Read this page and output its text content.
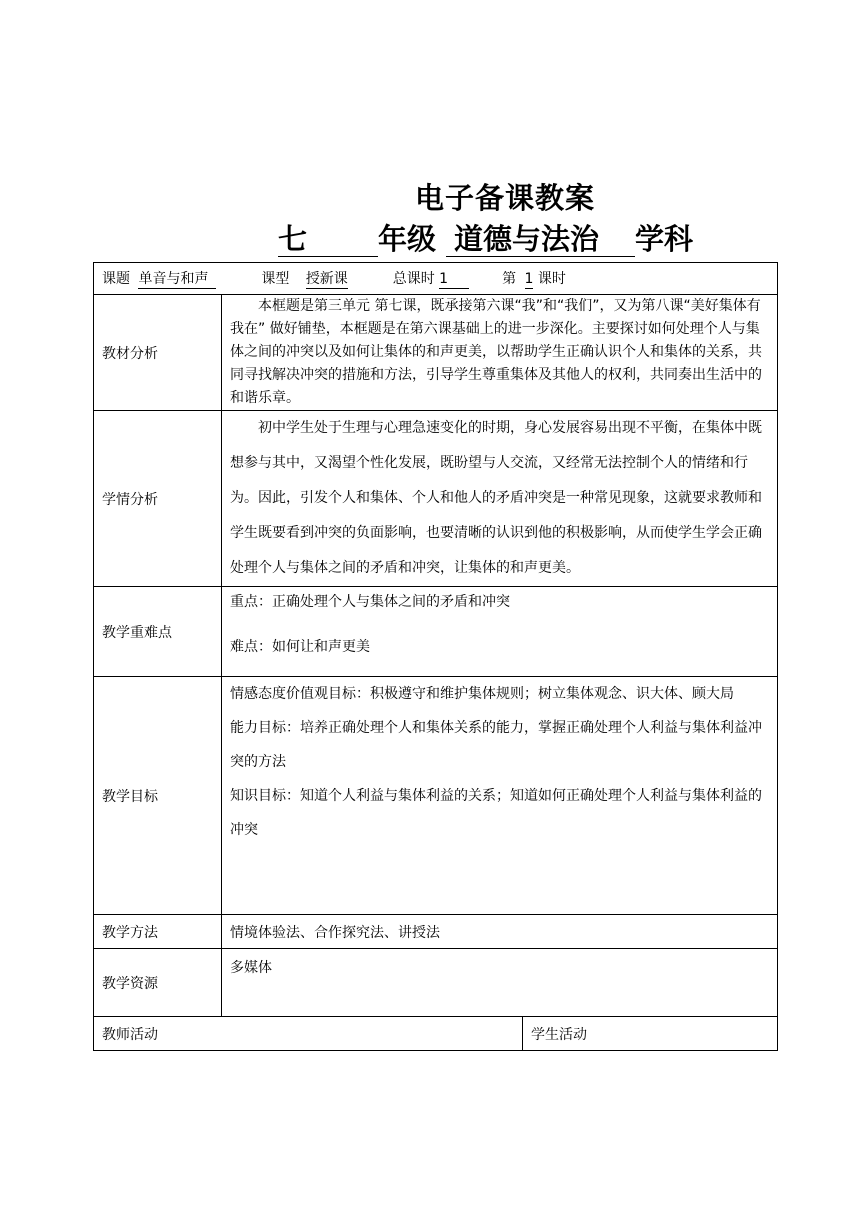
电子备课教案
七 年级 道德与法治 学科
课题 单音与和声 课型 授新课 总课时 1 第 1 课时		
教材分析	本框题是第三单元 第七课，既承接第六课“我”和“我们”，又为第八课“美好集体有我在” 做好铺垫，本框题是在第六课基础上的进一步深化。主要探讨如何处理个人与集体之间的冲突以及如何让集体的和声更美，以帮助学生正确认识个人和集体的关系，共同寻找解决冲突的措施和方法，引导学生尊重集体及其他人的权利，共同奏出生活中的和谐乐章。	
学情分析	初中学生处于生理与心理急速变化的时期，身心发展容易出现不平衡，在集体中既想参与其中，又渴望个性化发展，既盼望与人交流，又经常无法控制个人的情绪和行为。因此，引发个人和集体、个人和他人的矛盾冲突是一种常见现象，这就要求教师和学生既要看到冲突的负面影响，也要清晰的认识到他的积极影响，从而使学生学会正确处理个人与集体之间的矛盾和冲突，让集体的和声更美。	
教学重难点	重点：正确处理个人与集体之间的矛盾和冲突
难点：如何让和声更美	

教学目标	情感态度价值观目标：积极遵守和维护集体规则；树立集体观念、识大体、顾大局
能力目标：培养正确处理个人和集体关系的能力，掌握正确处理个人利益与集体利益冲突的方法
知识目标：知道个人利益与集体利益的关系；知道如何正确处理个人利益与集体利益的冲突	

教学方法	情境体验法、合作探究法、讲授法	
教学资源	多媒体	
教师活动		学生活动
